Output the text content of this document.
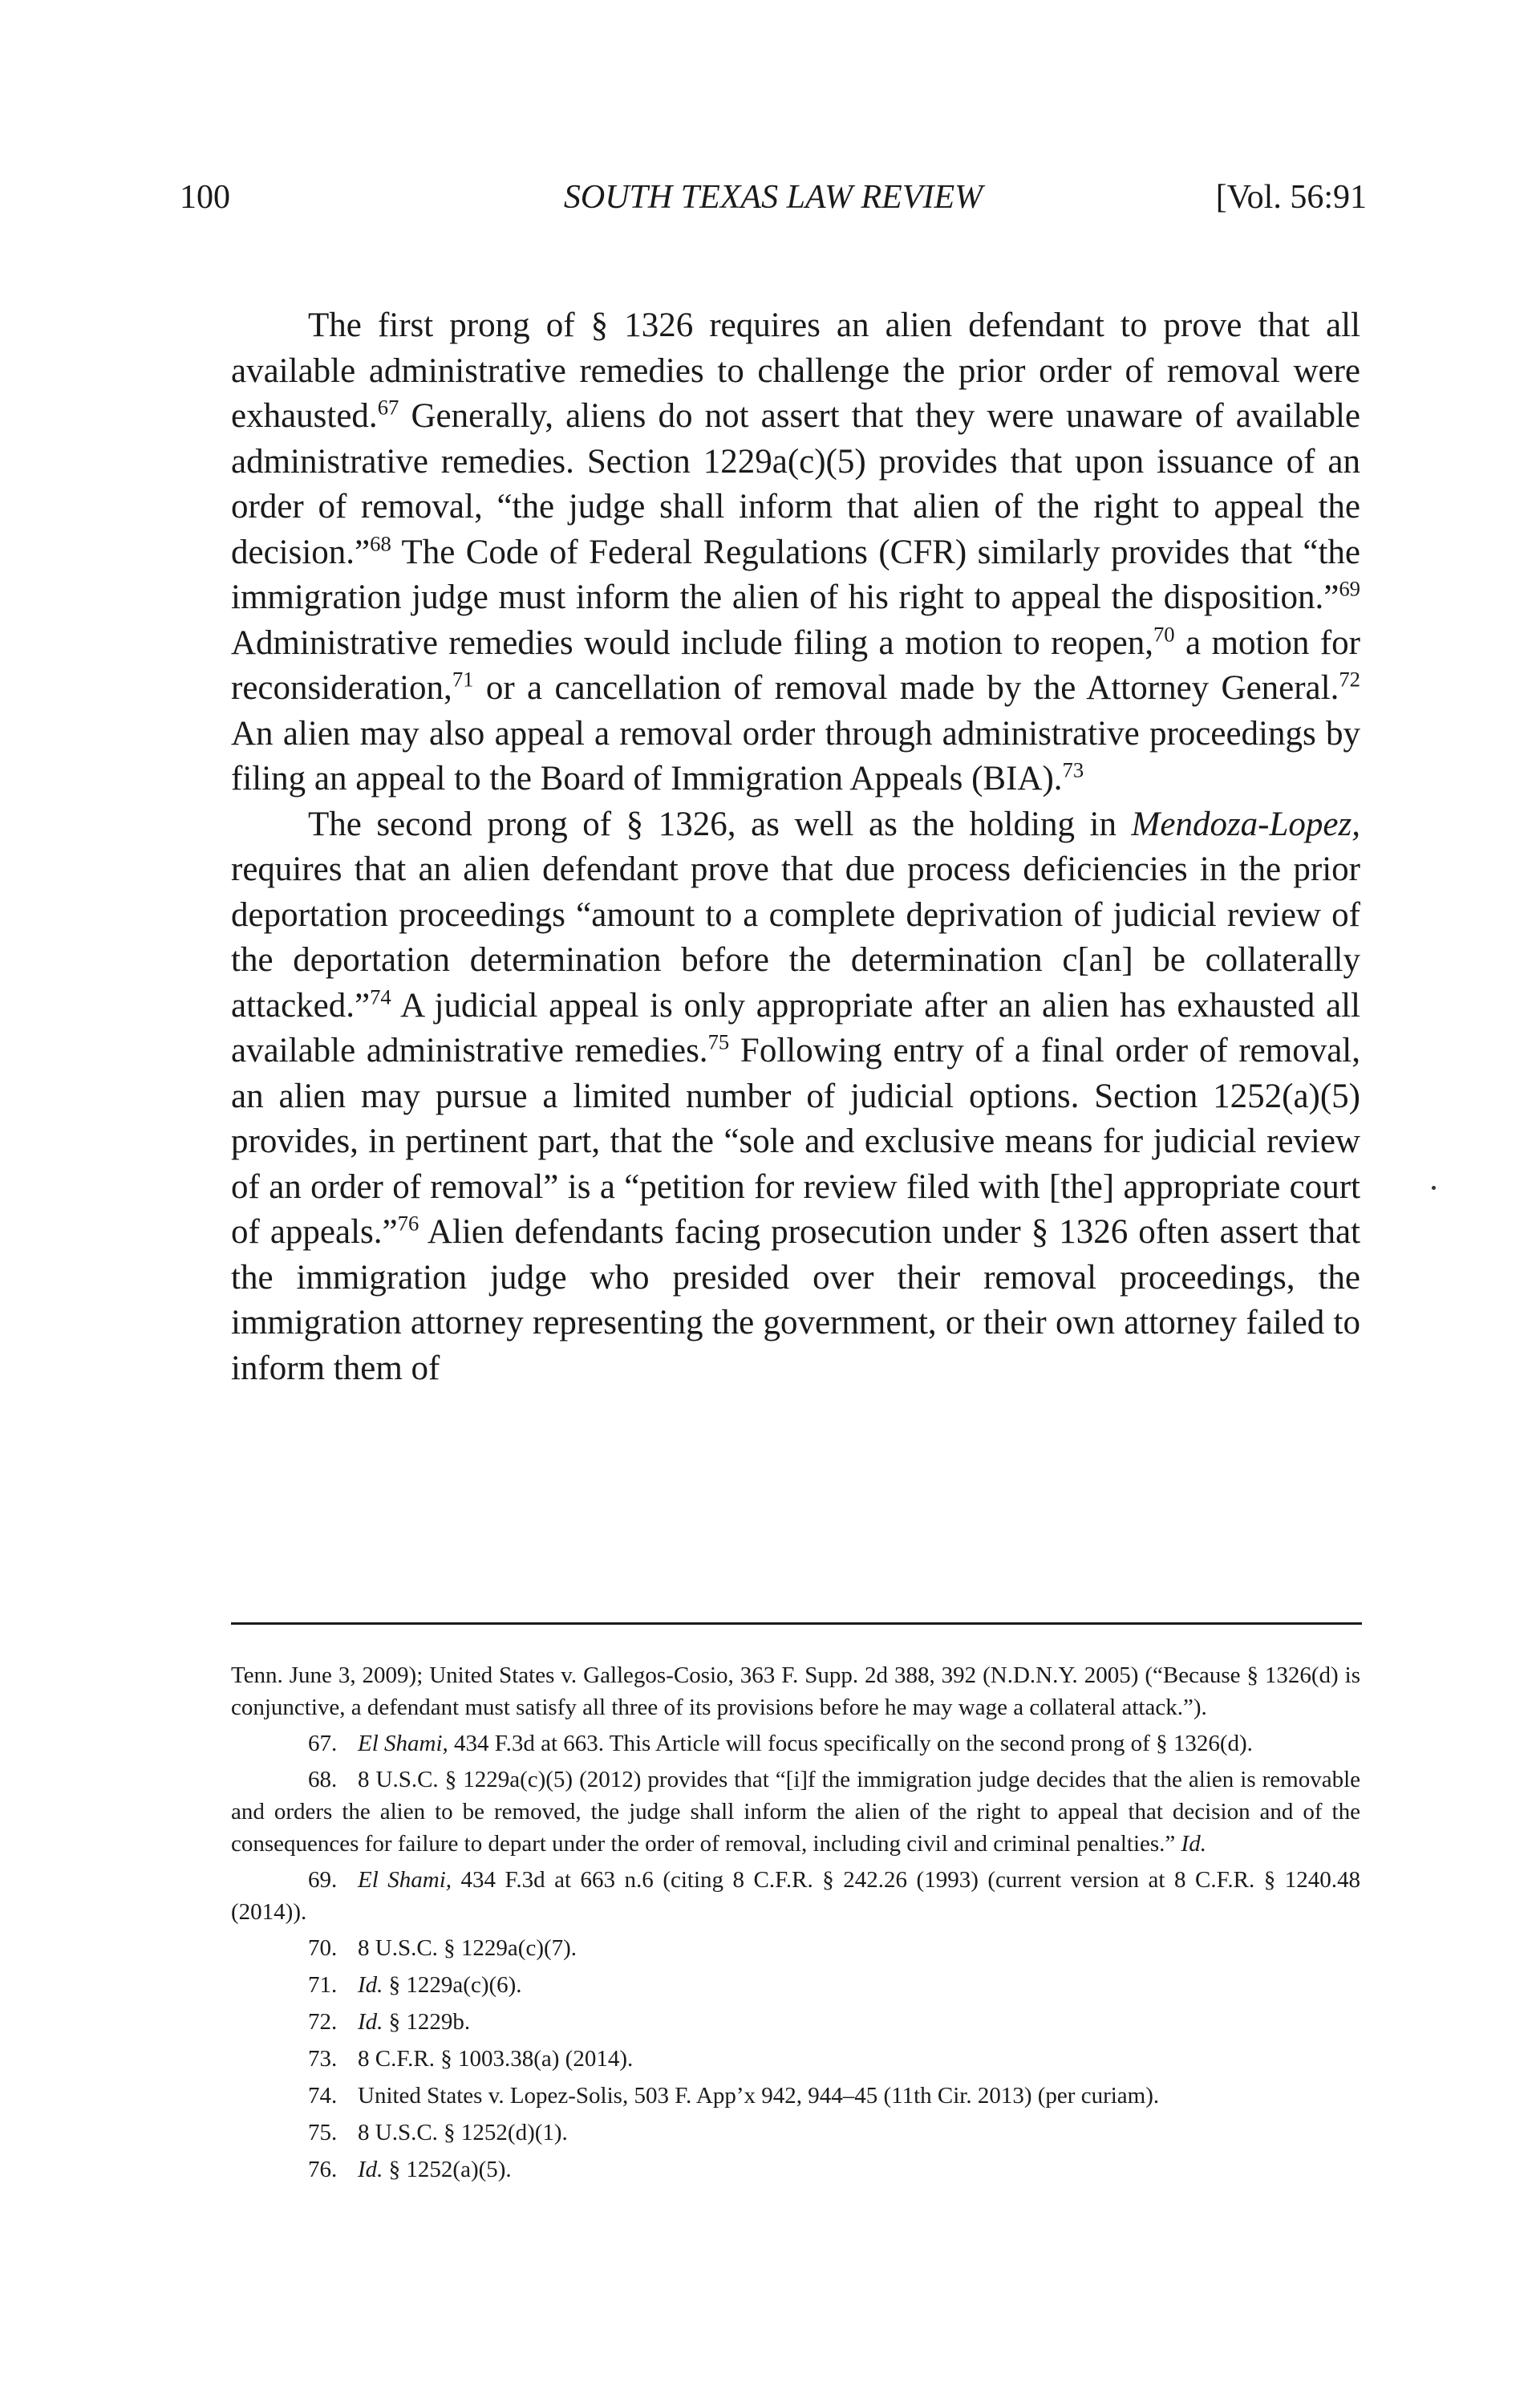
100	SOUTH TEXAS LAW REVIEW	[Vol. 56:91

The first prong of § 1326 requires an alien defendant to prove that all available administrative remedies to challenge the prior order of removal were exhausted.$^{67}$ Generally, aliens do not assert that they were unaware of available administrative remedies. Section 1229a(c)(5) provides that upon issuance of an order of removal, “the judge shall inform that alien of the right to appeal the decision.”$^{68}$ The Code of Federal Regulations (CFR) similarly provides that “the immigration judge must inform the alien of his right to appeal the disposition.”$^{69}$ Administrative remedies would include filing a motion to reopen,$^{70}$ a motion for reconsideration,$^{71}$ or a cancellation of removal made by the Attorney General.$^{72}$ An alien may also appeal a removal order through administrative proceedings by filing an appeal to the Board of Immigration Appeals (BIA).$^{73}$

The second prong of § 1326, as well as the holding in Mendoza-Lopez, requires that an alien defendant prove that due process deficiencies in the prior deportation proceedings “amount to a complete deprivation of judicial review of the deportation determination before the determination c[an] be collaterally attacked.”$^{74}$ A judicial appeal is only appropriate after an alien has exhausted all available administrative remedies.$^{75}$ Following entry of a final order of removal, an alien may pursue a limited number of judicial options. Section 1252(a)(5) provides, in pertinent part, that the “sole and exclusive means for judicial review of an order of removal” is a “petition for review filed with [the] appropriate court of appeals.”$^{76}$ Alien defendants facing prosecution under § 1326 often assert that the immigration judge who presided over their removal proceedings, the immigration attorney representing the government, or their own attorney failed to inform them of

Tenn. June 3, 2009); United States v. Gallegos-Cosio, 363 F. Supp. 2d 388, 392 (N.D.N.Y. 2005) (“Because § 1326(d) is conjunctive, a defendant must satisfy all three of its provisions before he may wage a collateral attack.”).

67. El Shami, 434 F.3d at 663. This Article will focus specifically on the second prong of § 1326(d).

68. 8 U.S.C. § 1229a(c)(5) (2012) provides that “[i]f the immigration judge decides that the alien is removable and orders the alien to be removed, the judge shall inform the alien of the right to appeal that decision and of the consequences for failure to depart under the order of removal, including civil and criminal penalties.” Id.

69. El Shami, 434 F.3d at 663 n.6 (citing 8 C.F.R. § 242.26 (1993) (current version at 8 C.F.R. § 1240.48 (2014)).

70. 8 U.S.C. § 1229a(c)(7).

71. Id. § 1229a(c)(6).

72. Id. § 1229b.

73. 8 C.F.R. § 1003.38(a) (2014).

74. United States v. Lopez-Solis, 503 F. App’x 942, 944–45 (11th Cir. 2013) (per curiam).

75. 8 U.S.C. § 1252(d)(1).

76. Id. § 1252(a)(5).
